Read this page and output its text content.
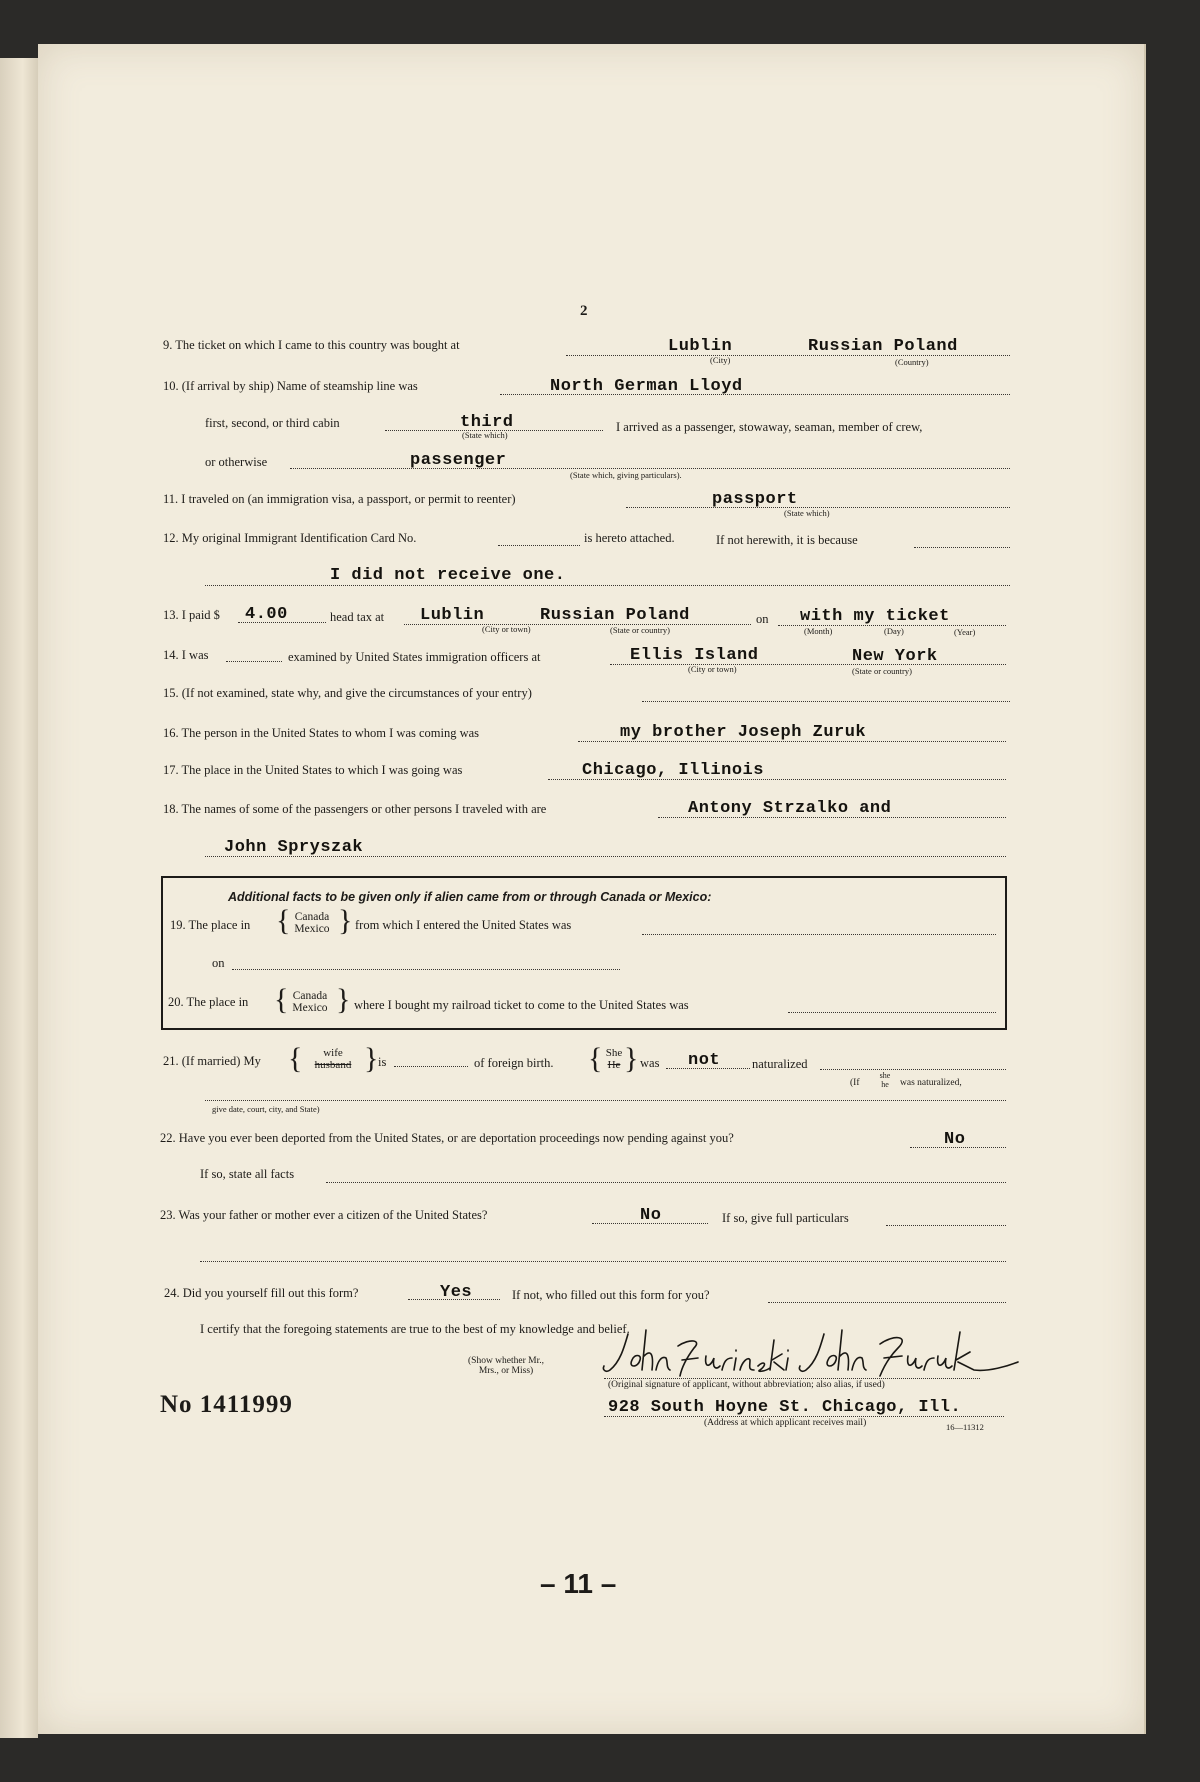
2
9. The ticket on which I came to this country was bought at	Lublin	Russian Poland
(City)	(Country)
10. (If arrival by ship) Name of steamship line was	North German Lloyd
first, second, or third cabin	third
(State which)
I arrived as a passenger, stowaway, seaman, member of crew,
or otherwise	passenger
(State which, giving particulars).
11. I traveled on (an immigration visa, a passport, or permit to reenter)	passport
(State which)
12. My original Immigrant Identification Card No.	is hereto attached.	If not herewith, it is because
I did not receive one.
13. I paid $ 4.00	head tax at Lublin	Russian Poland	on with my ticket
(City or town)	(State or country)	(Month)	(Day)	(Year)
14. I was	examined by United States immigration officers at	Ellis Island	New York
(City or town)	(State or country)
15. (If not examined, state why, and give the circumstances of your entry)
16. The person in the United States to whom I was coming was	my brother Joseph Zuruk
17. The place in the United States to which I was going was	Chicago, Illinois
18. The names of some of the passengers or other persons I traveled with are	Antony Strzalko and
John Spryszak
Additional facts to be given only if alien came from or through Canada or Mexico:
19. The place in { Canada
Mexico } from which I entered the United States was
on
20. The place in { Canada
Mexico } where I bought my railroad ticket to come to the United States was
21. (If married) My {	wife
husband } is	of foreign birth. { She
He } was not	naturalized
(If
she
he	was naturalized,
give date, court, city, and State)
22. Have you ever been deported from the United States, or are deportation proceedings now pending against you?	No
If so, state all facts
23. Was your father or mother ever a citizen of the United States?	No	If so, give full particulars
24. Did you yourself fill out this form?	Yes	If not, who filled out this form for you?
I certify that the foregoing statements are true to the best of my knowledge and belief.
(Show whether Mr., Mrs., or Miss)
(Original signature of applicant, without abbreviation; also alias, if used)
928 South Hoyne St. Chicago, Ill.
(Address at which applicant receives mail)	16—11312
No 1411999
– 11 –
